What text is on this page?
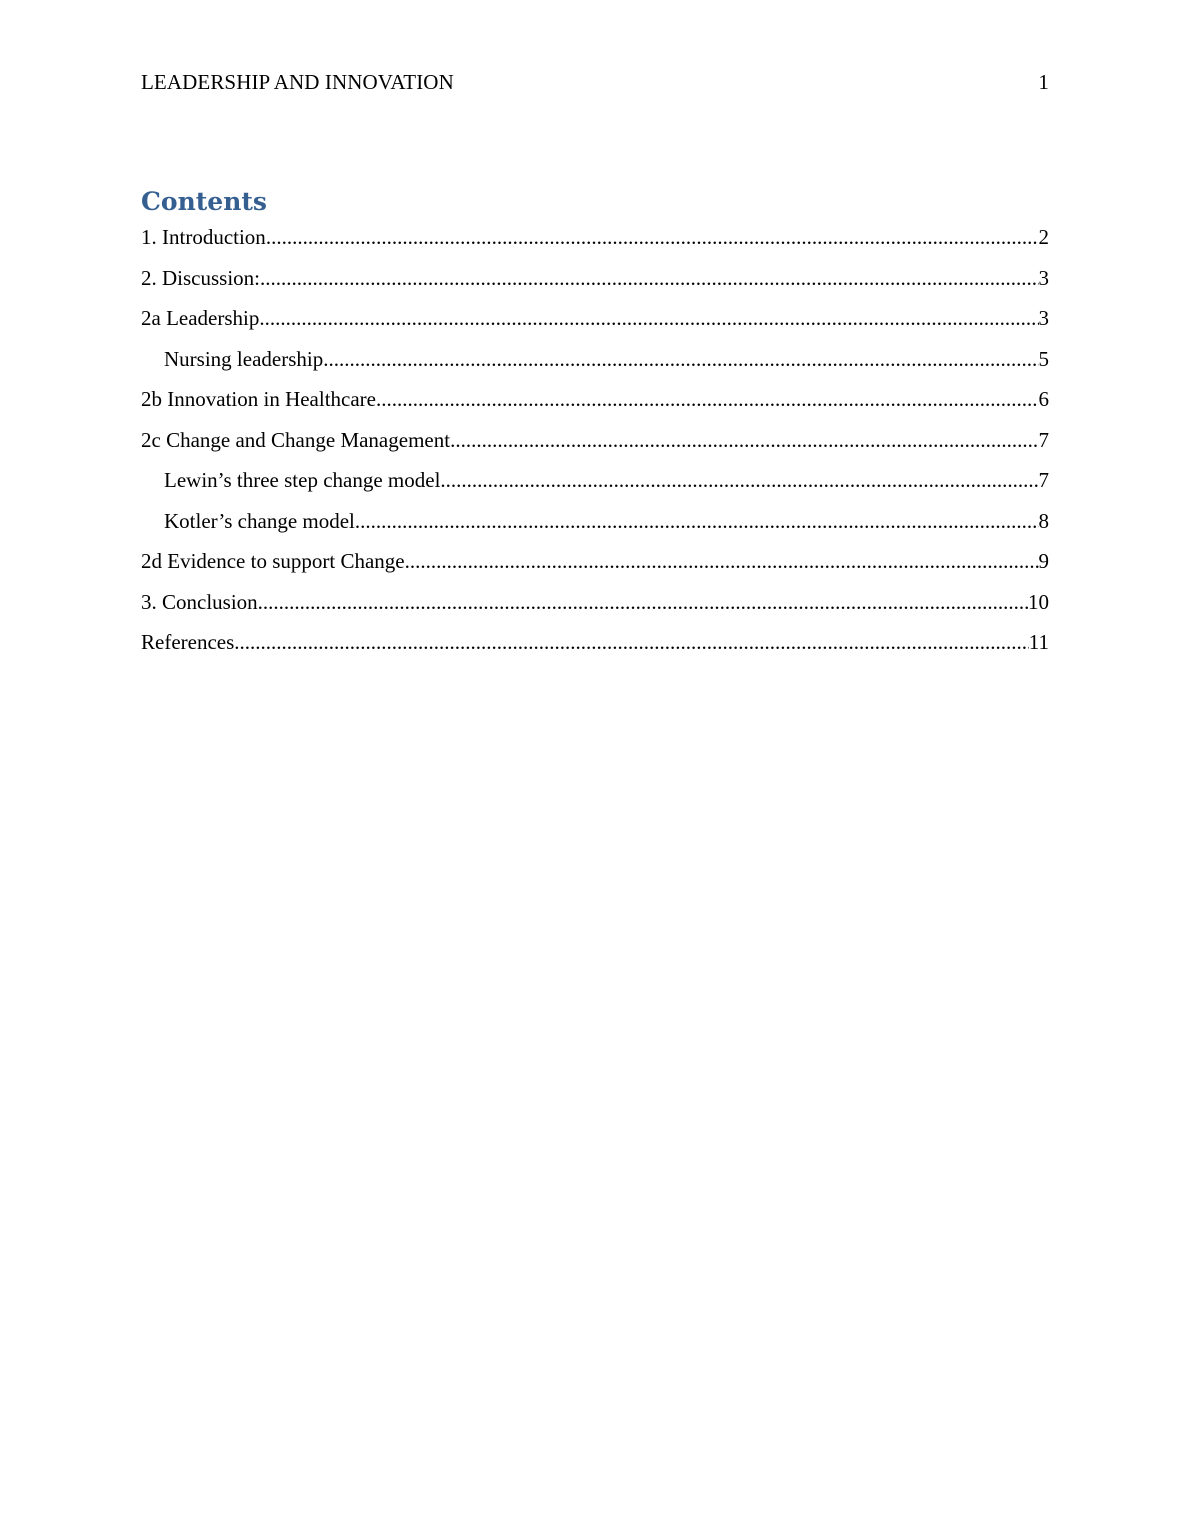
LEADERSHIP AND INNOVATION	1
Contents
1. Introduction .....	2
2. Discussion: .....	3
2a Leadership .....	3
Nursing leadership .....	5
2b Innovation in Healthcare .....	6
2c Change and Change Management .....	7
Lewin’s three step change model .....	7
Kotler’s change model .....	8
2d Evidence to support Change .....	9
3. Conclusion .....	10
References .....	11
